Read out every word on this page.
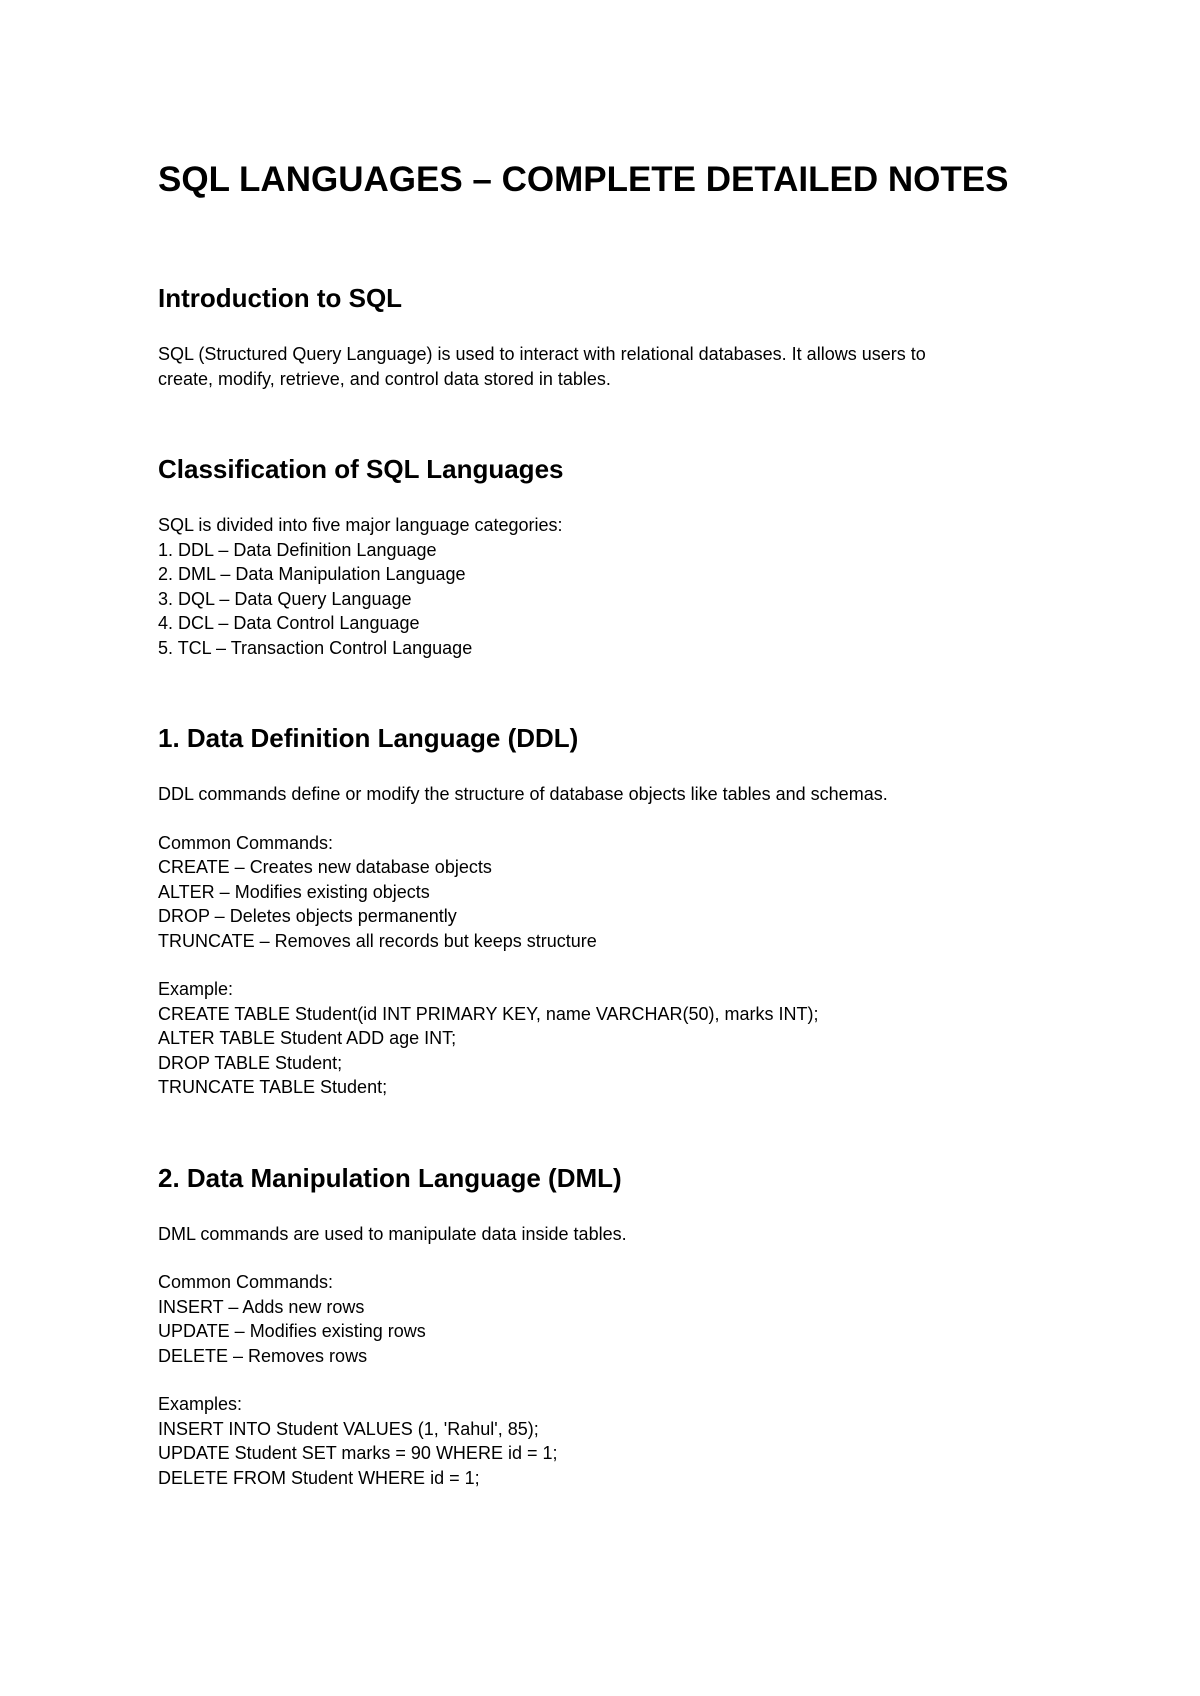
SQL LANGUAGES – COMPLETE DETAILED NOTES
Introduction to SQL

SQL (Structured Query Language) is used to interact with relational databases. It allows users to
create, modify, retrieve, and control data stored in tables.

Classification of SQL Languages
SQL is divided into five major language categories:
1. DDL – Data Definition Language
2. DML – Data Manipulation Language
3. DQL – Data Query Language
4. DCL – Data Control Language
5. TCL – Transaction Control Language
1. Data Definition Language (DDL)
DDL commands define or modify the structure of database objects like tables and schemas.
Common Commands:
CREATE – Creates new database objects
ALTER – Modifies existing objects
DROP – Deletes objects permanently
TRUNCATE – Removes all records but keeps structure
Example:
CREATE TABLE Student(id INT PRIMARY KEY, name VARCHAR(50), marks INT);
ALTER TABLE Student ADD age INT;
DROP TABLE Student;
TRUNCATE TABLE Student;
2. Data Manipulation Language (DML)
DML commands are used to manipulate data inside tables.
Common Commands:
INSERT – Adds new rows
UPDATE – Modifies existing rows
DELETE – Removes rows
Examples:
INSERT INTO Student VALUES (1, 'Rahul', 85);
UPDATE Student SET marks = 90 WHERE id = 1;
DELETE FROM Student WHERE id = 1;
